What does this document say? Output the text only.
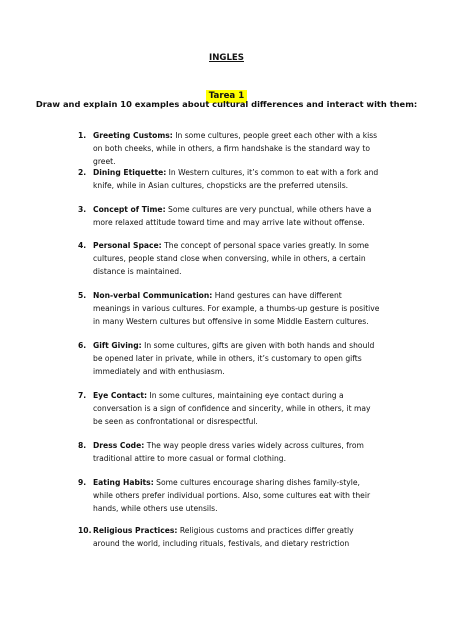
INGLES
Tarea 1
Draw and explain 10 examples about cultural differences and interact with them:
1. Greeting Customs: In some cultures, people greet each other with a kiss on both cheeks, while in others, a firm handshake is the standard way to greet.
2. Dining Etiquette: In Western cultures, it’s common to eat with a fork and knife, while in Asian cultures, chopsticks are the preferred utensils.
3. Concept of Time: Some cultures are very punctual, while others have a more relaxed attitude toward time and may arrive late without offense.
4. Personal Space: The concept of personal space varies greatly. In some cultures, people stand close when conversing, while in others, a certain distance is maintained.
5. Non-verbal Communication: Hand gestures can have different meanings in various cultures. For example, a thumbs-up gesture is positive in many Western cultures but offensive in some Middle Eastern cultures.
6. Gift Giving: In some cultures, gifts are given with both hands and should be opened later in private, while in others, it’s customary to open gifts immediately and with enthusiasm.
7. Eye Contact: In some cultures, maintaining eye contact during a conversation is a sign of confidence and sincerity, while in others, it may be seen as confrontational or disrespectful.
8. Dress Code: The way people dress varies widely across cultures, from traditional attire to more casual or formal clothing.
9. Eating Habits: Some cultures encourage sharing dishes family-style, while others prefer individual portions. Also, some cultures eat with their hands, while others use utensils.
10. Religious Practices: Religious customs and practices differ greatly around the world, including rituals, festivals, and dietary restriction
